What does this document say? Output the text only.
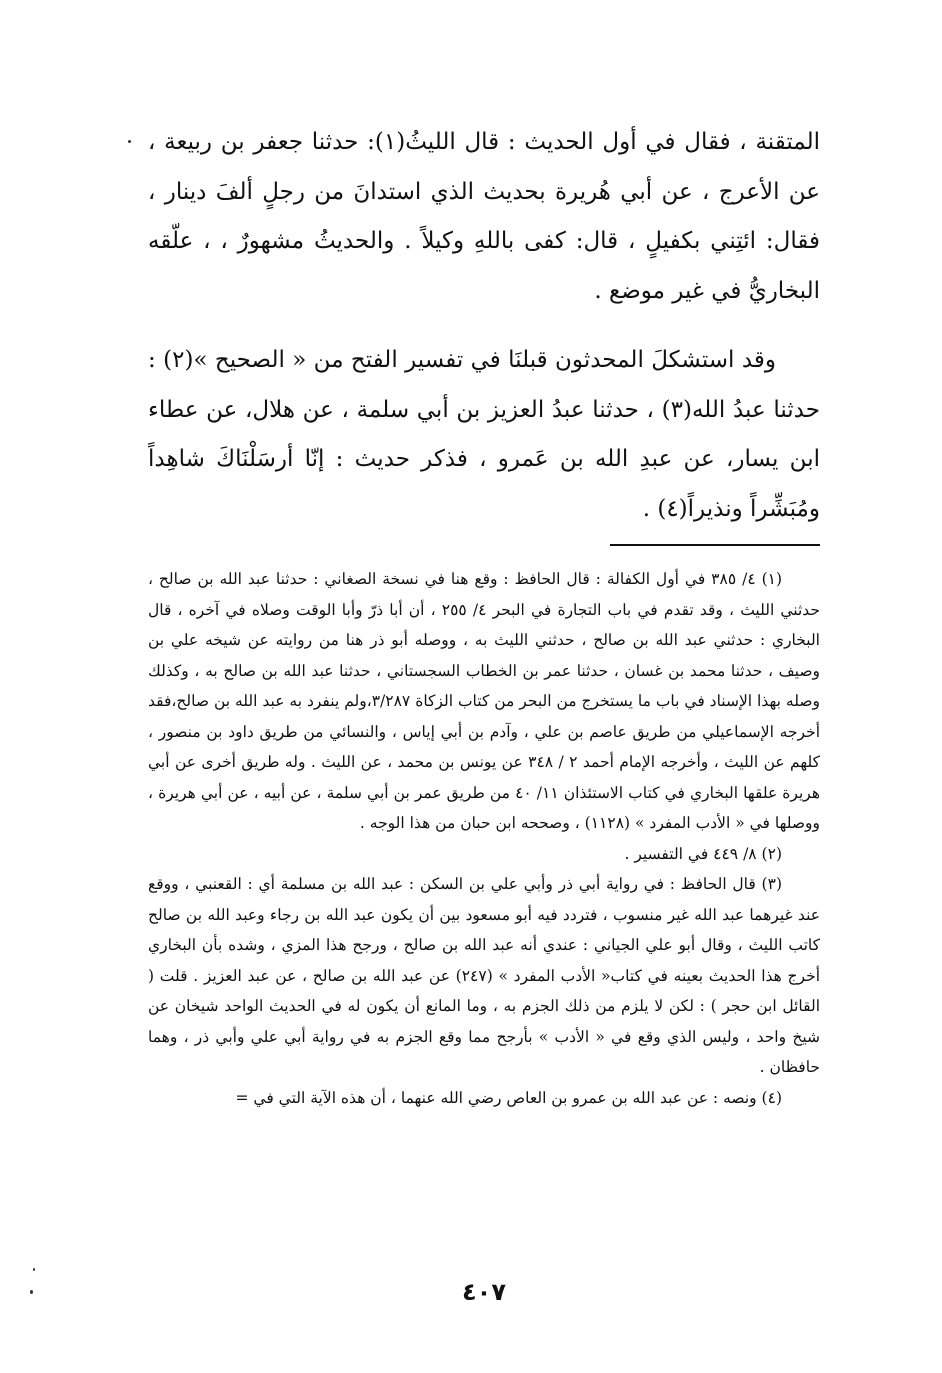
المتقنة ، فقال في أول الحديث : قال الليثُ(١): حدثنا جعفر بن ربيعة ، عن الأعرج ، عن أبي هُريرة بحديث الذي استدانَ من رجلٍ ألفَ دينار ، فقال: ائتِني بكفيلٍ ، قال: كفى باللهِ وكيلاً . والحديثُ مشهورٌ ، ، علّقه البخاريُّ في غير موضع .

وقد استشكلَ المحدثون قبلنَا في تفسير الفتح من « الصحيح »(٢) : حدثنا عبدُ الله(٣) ، حدثنا عبدُ العزيز بن أبي سلمة ، عن هلال، عن عطاء ابن يسار، عن عبدِ الله بن عَمرو ، فذكر حديث : إنّا أرسَلْنَاكَ شاهِداً ومُبَشِّراً ونذيراً(٤) .

(١) ٤/ ٣٨٥ في أول الكفالة : قال الحافظ : وقع هنا في نسخة الصغاني : حدثنا عبد الله بن صالح ، حدثني الليث ، وقد تقدم في باب التجارة في البحر ٤/ ٢٥٥ ، أن أبا ذرّ وأبا الوقت وصلاه في آخره ، قال البخاري : حدثني عبد الله بن صالح ، حدثني الليث به ، ووصله أبو ذر هنا من روايته عن شيخه علي بن وصيف ، حدثنا محمد بن غسان ، حدثنا عمر بن الخطاب السجستاني ، حدثنا عبد الله بن صالح به ، وكذلك وصله بهذا الإسناد في باب ما يستخرج من البحر من كتاب الزكاة ٣/٢٨٧،ولم ينفرد به عبد الله بن صالح،فقد أخرجه الإسماعيلي من طريق عاصم بن علي ، وآدم بن أبي إياس ، والنسائي من طريق داود بن منصور ، كلهم عن الليث ، وأخرجه الإمام أحمد ٢ / ٣٤٨ عن يونس بن محمد ، عن الليث . وله طريق أخرى عن أبي هريرة علقها البخاري في كتاب الاستئذان ١١/ ٤٠ من طريق عمر بن أبي سلمة ، عن أبيه ، عن أبي هريرة ، ووصلها في « الأدب المفرد » (١١٢٨) ، وصححه ابن حبان من هذا الوجه .

(٢) ٨/ ٤٤٩ في التفسير .

(٣) قال الحافظ : في رواية أبي ذر وأبي علي بن السكن : عبد الله بن مسلمة أي : القعنبي ، ووقع عند غيرهما عبد الله غير منسوب ، فتردد فيه أبو مسعود بين أن يكون عبد الله بن رجاء وعبد الله بن صالح كاتب الليث ، وقال أبو علي الجياني : عندي أنه عبد الله بن صالح ، ورجح هذا المزي ، وشده بأن البخاري أخرج هذا الحديث بعينه في كتاب« الأدب المفرد » (٢٤٧) عن عبد الله بن صالح ، عن عبد العزيز . قلت ( القائل ابن حجر ) : لكن لا يلزم من ذلك الجزم به ، وما المانع أن يكون له في الحديث الواحد شيخان عن شيخ واحد ، وليس الذي وقع في « الأدب » بأرجح مما وقع الجزم به في رواية أبي علي وأبي ذر ، وهما حافظان .

(٤) ونصه : عن عبد الله بن عمرو بن العاص رضي الله عنهما ، أن هذه الآية التي في =

٤٠٧
